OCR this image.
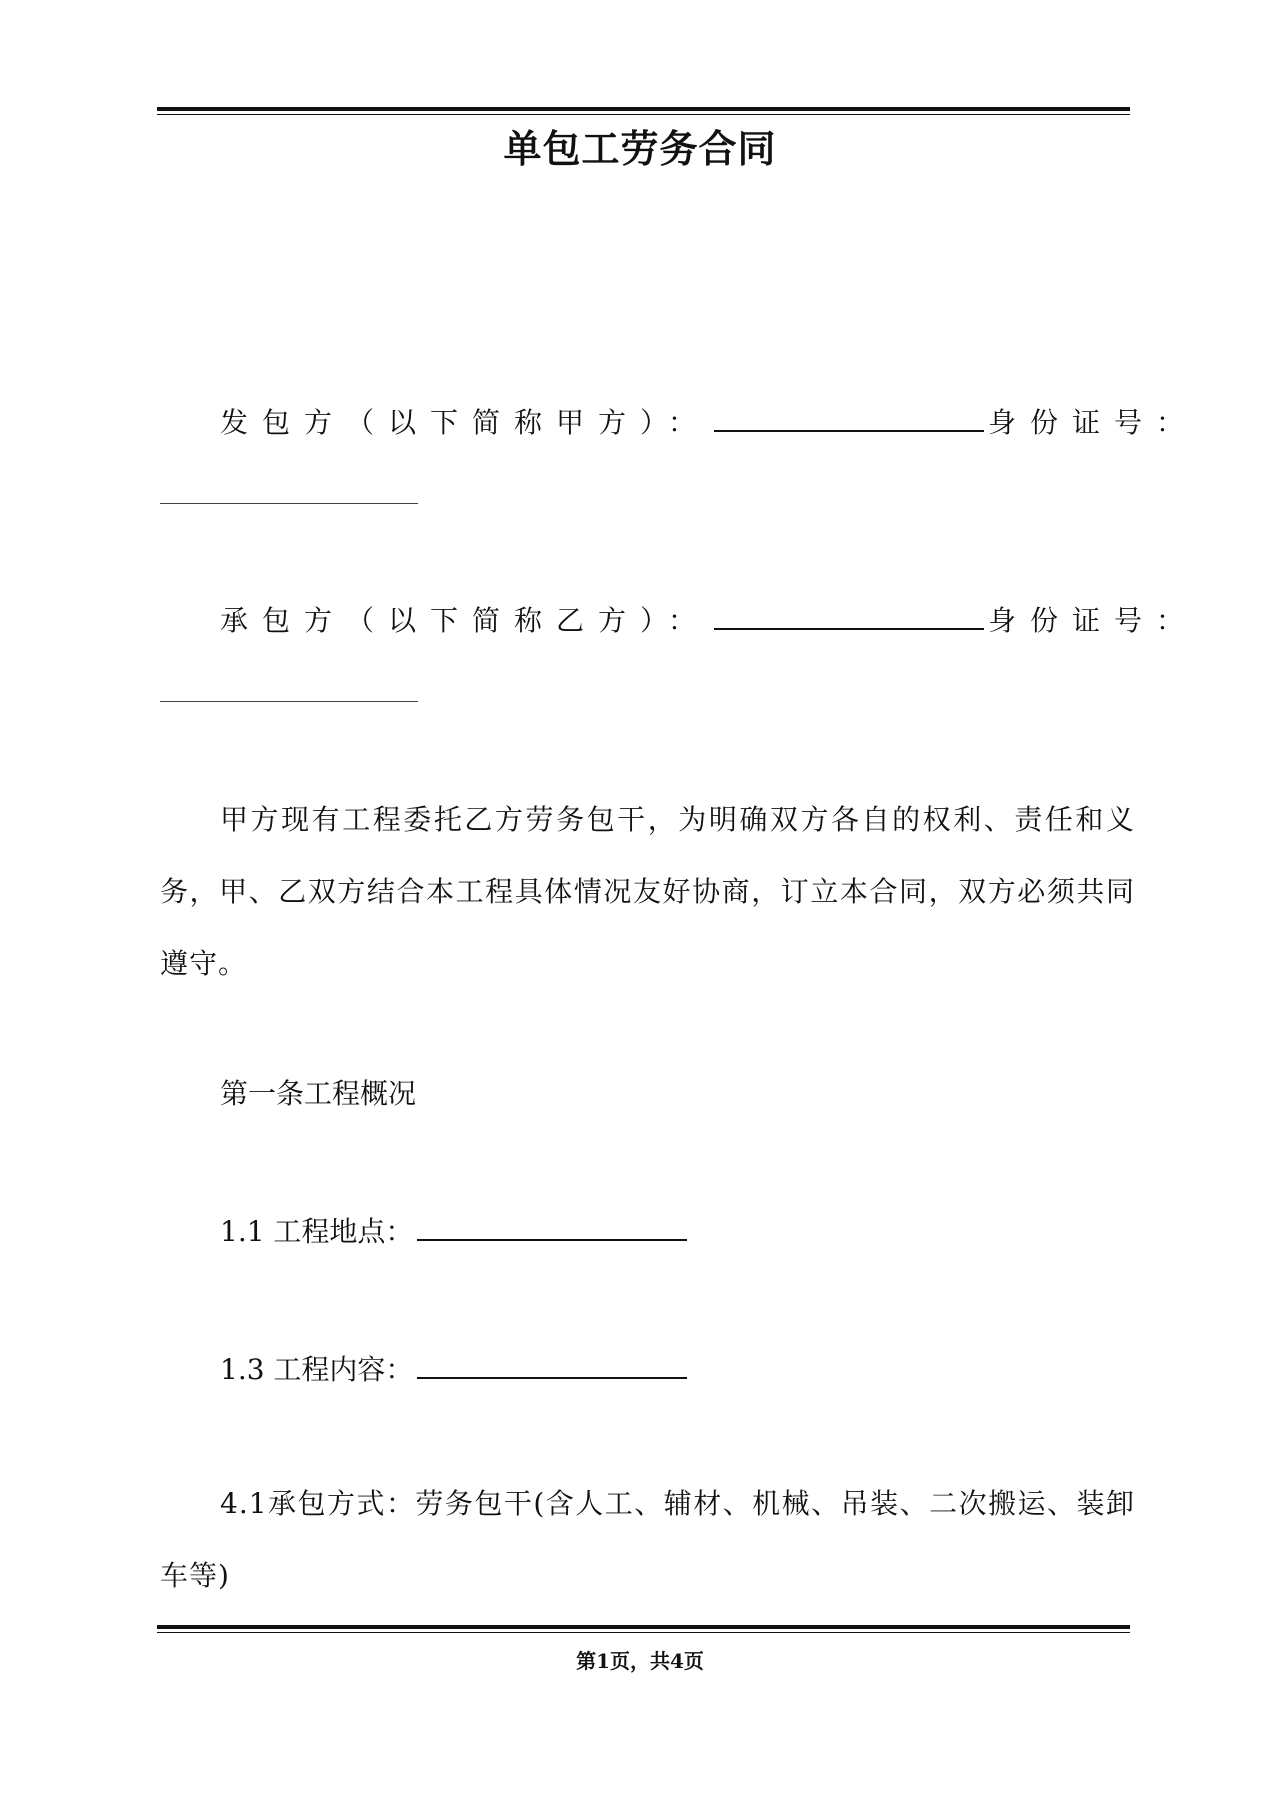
单包工劳务合同
发包方（以下简称甲方）：	身份证号：
承包方（以下简称乙方）：	身份证号：
甲方现有工程委托乙方劳务包干，为明确双方各自的权利、责任和义务，甲、乙双方结合本工程具体情况友好协商，订立本合同，双方必须共同遵守。
第一条工程概况
1.1 工程地点：
1.3 工程内容：
4.1承包方式：劳务包干(含人工、辅材、机械、吊装、二次搬运、装卸车等)
第1页，共4页
